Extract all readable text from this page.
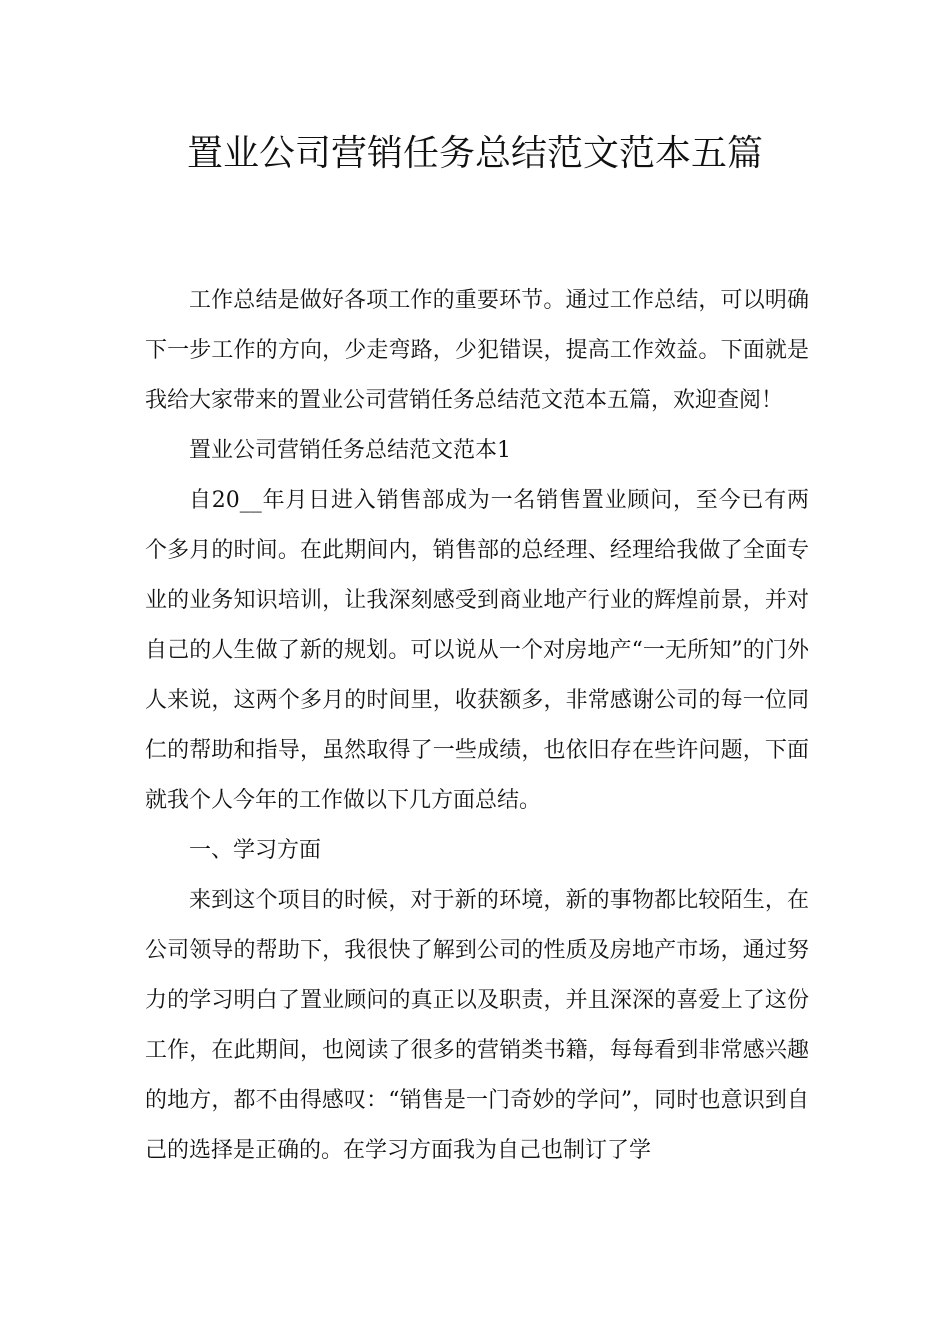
置业公司营销任务总结范文范本五篇

工作总结是做好各项工作的重要环节。通过工作总结，可以明确下一步工作的方向，少走弯路，少犯错误，提高工作效益。下面就是我给大家带来的置业公司营销任务总结范文范本五篇，欢迎查阅！

置业公司营销任务总结范文范本1

自20__年月日进入销售部成为一名销售置业顾问，至今已有两个多月的时间。在此期间内，销售部的总经理、经理给我做了全面专业的业务知识培训，让我深刻感受到商业地产行业的辉煌前景，并对自己的人生做了新的规划。可以说从一个对房地产“一无所知”的门外人来说，这两个多月的时间里，收获额多，非常感谢公司的每一位同仁的帮助和指导，虽然取得了一些成绩，也依旧存在些许问题，下面就我个人今年的工作做以下几方面总结。

一、学习方面

来到这个项目的时候，对于新的环境，新的事物都比较陌生，在公司领导的帮助下，我很快了解到公司的性质及房地产市场，通过努力的学习明白了置业顾问的真正以及职责，并且深深的喜爱上了这份工作，在此期间，也阅读了很多的营销类书籍，每每看到非常感兴趣的地方，都不由得感叹：“销售是一门奇妙的学问”，同时也意识到自己的选择是正确的。在学习方面我为自己也制订了学
